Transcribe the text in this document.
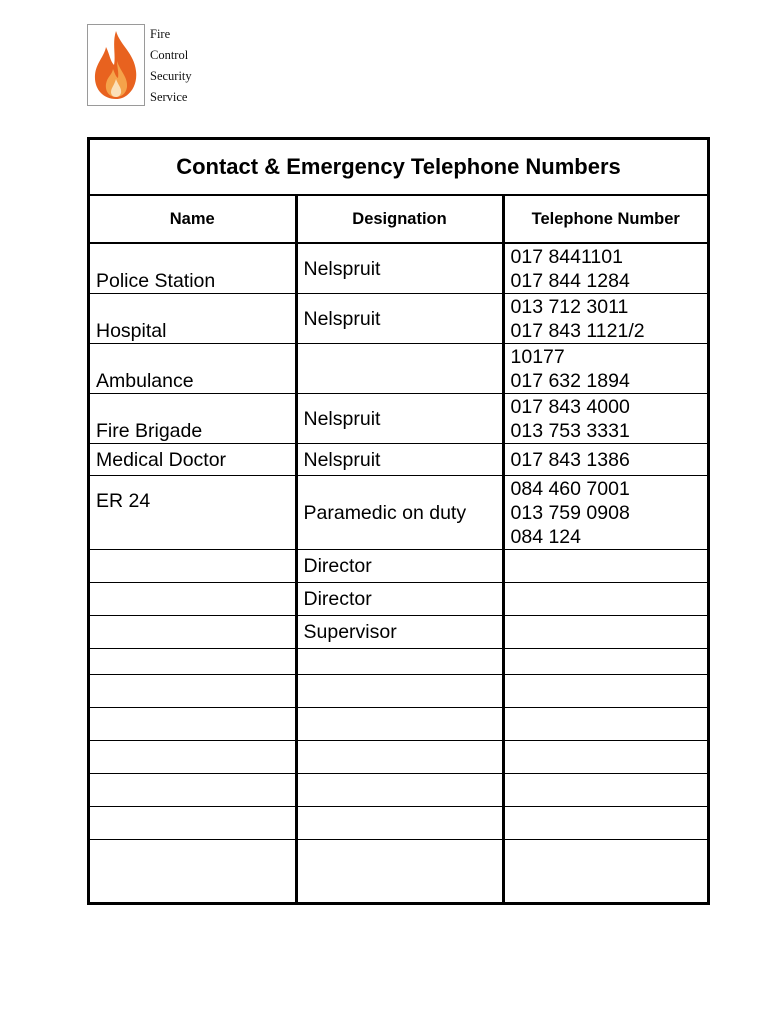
Fire
Control
Security
Service
Contact & Emergency Telephone Numbers
Name	Designation	Telephone Number
Police Station	Nelspruit	017 8441101
017 844 1284

Hospital	Nelspruit	013 712 3011
017 843 1121/2

Ambulance		10177
017 632 1894

Fire Brigade	Nelspruit	017 843 4000
013 753 3331

Medical Doctor	Nelspruit	017 843 1386
ER 24	Paramedic on duty	084 460 7001
013 759 0908
084 124

	Director	
	Director	
	Supervisor	
